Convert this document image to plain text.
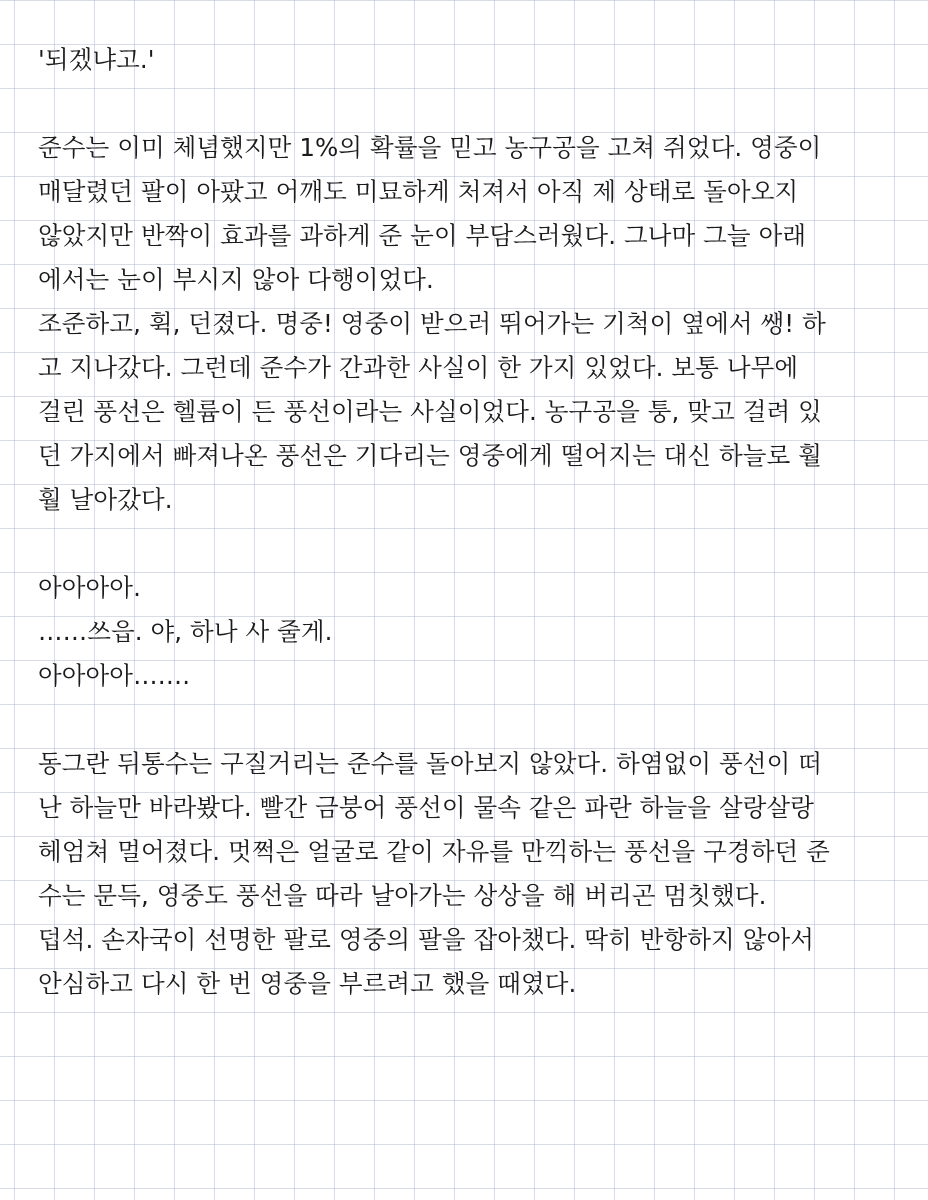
'되겠냐고.'
준수는 이미 체념했지만 1%의 확률을 믿고 농구공을 고쳐 쥐었다. 영중이
매달렸던 팔이 아팠고 어깨도 미묘하게 처져서 아직 제 상태로 돌아오지
않았지만 반짝이 효과를 과하게 준 눈이 부담스러웠다. 그나마 그늘 아래
에서는 눈이 부시지 않아 다행이었다.
조준하고, 휙, 던졌다. 명중! 영중이 받으러 뛰어가는 기척이 옆에서 쌩! 하
고 지나갔다. 그런데 준수가 간과한 사실이 한 가지 있었다. 보통 나무에
걸린 풍선은 헬륨이 든 풍선이라는 사실이었다. 농구공을 퉁, 맞고 걸려 있
던 가지에서 빠져나온 풍선은 기다리는 영중에게 떨어지는 대신 하늘로 훨
훨 날아갔다.
아아아아.
……쓰읍. 야, 하나 사 줄게.
아아아아…….
동그란 뒤통수는 구질거리는 준수를 돌아보지 않았다. 하염없이 풍선이 떠
난 하늘만 바라봤다. 빨간 금붕어 풍선이 물속 같은 파란 하늘을 살랑살랑
헤엄쳐 멀어졌다. 멋쩍은 얼굴로 같이 자유를 만끽하는 풍선을 구경하던 준
수는 문득, 영중도 풍선을 따라 날아가는 상상을 해 버리곤 멈칫했다.
덥석. 손자국이 선명한 팔로 영중의 팔을 잡아챘다. 딱히 반항하지 않아서
안심하고 다시 한 번 영중을 부르려고 했을 때였다.
